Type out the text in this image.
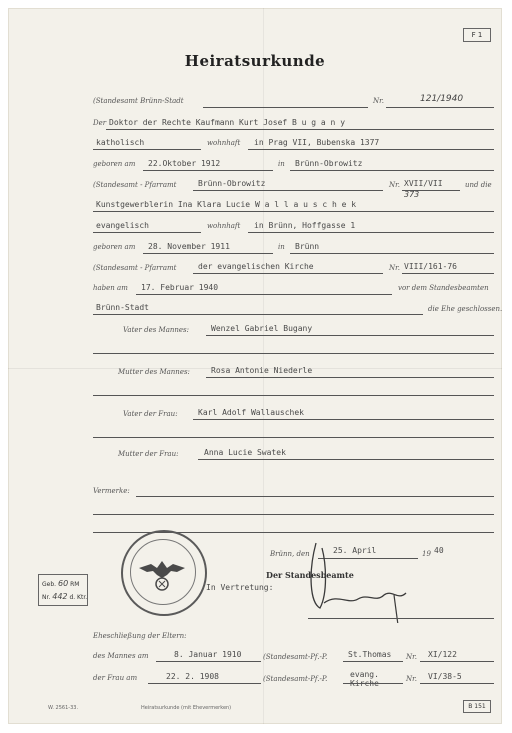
F 1
Heiratsurkunde
(Standesamt Brünn-Stadt	Nr.	121/1940
Der Doktor der Rechte Kaufmann Kurt Josef B u g a n y
katholisch	wohnhaft in Prag VII, Bubenska 1377
geboren am 22.Oktober 1912	in Brünn-Obrowitz
(Standesamt - Pfarramt	Brünn-Obrowitz	Nr. XVII/VII	und die
373
Kunstgewerblerin Ina Klara Lucie W a l l a u s c h e k
evangelisch	wohnhaft in Brünn, Hoffgasse 1
geboren am 28. November 1911	in Brünn
(Standesamt - Pfarramt	der evangelischen Kirche	Nr. VIII/161-76
haben am 17. Februar 1940	vor dem Standesbeamten
Brünn-Stadt	die Ehe geschlossen.
Vater des Mannes:	Wenzel Gabriel Bugany
Mutter des Mannes:	Rosa Antonie Niederle
Vater der Frau:	Karl Adolf Wallauschek
Mutter der Frau:	Anna Lucie Swatek
Vermerke:
Brünn, den	25. April	19 40
Geb. 60 RM
Nr. 442 d. Ktr.
Der Standesbeamte
In Vertretung:
Eheschließung der Eltern:
des Mannes am	8. Januar 1910	(Standesamt-Pf.-P.	St.Thomas Nr. XI/122
der Frau am	22. 2. 1908	(Standesamt-Pf.-P.	evang. Kirche	Nr. VI/38-5
W. 2561-33.	Heiratsurkunde (mit Ehevermerken)	B 151
